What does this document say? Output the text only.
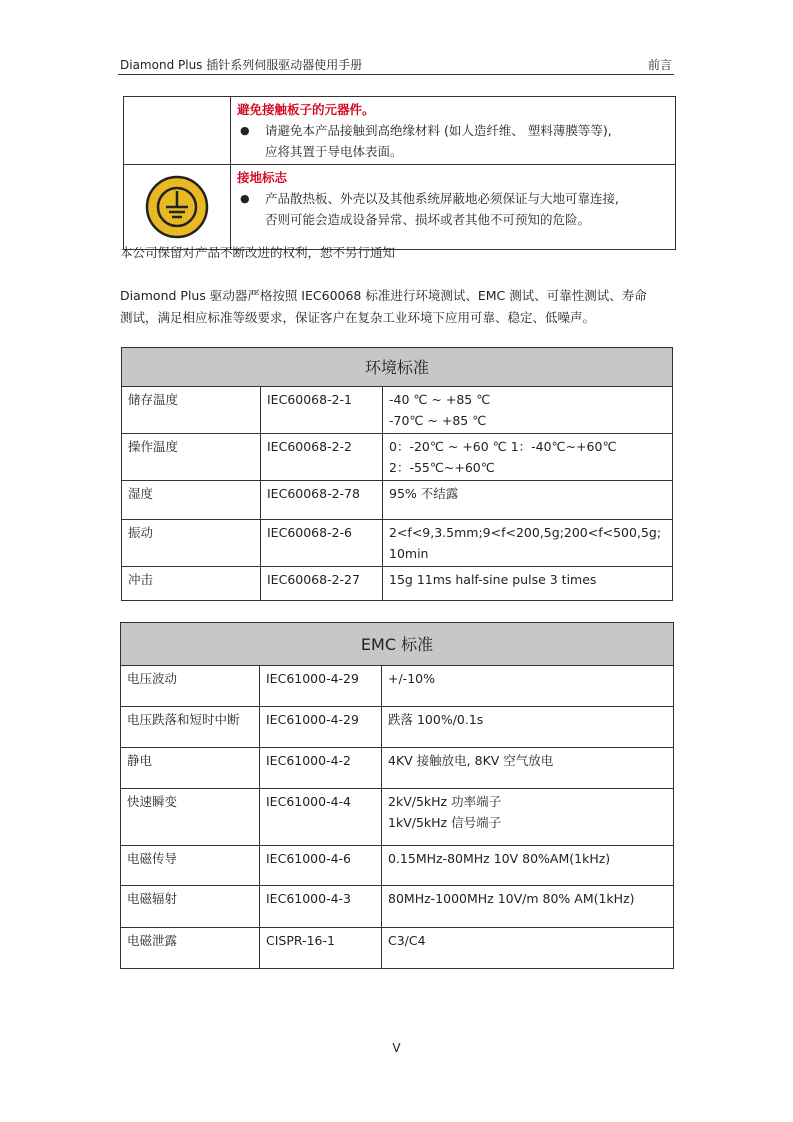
Diamond Plus 插针系列伺服驱动器使用手册	前言

	避免接触板子的元器件。
● 请避免本产品接触到高绝缘材料 (如人造纤维、 塑料薄膜等等),
应将其置于导电体表面。

接地标志
● 产品散热板、外壳以及其他系统屏蔽地必须保证与大地可靠连接,
否则可能会造成设备异常、损坏或者其他不可预知的危险。
本公司保留对产品不断改进的权利，恕不另行通知
Diamond Plus 驱动器严格按照 IEC60068 标准进行环境测试、EMC 测试、可靠性测试、寿命
测试，满足相应标准等级要求，保证客户在复杂工业环境下应用可靠、稳定、低噪声。
环境标准		
储存温度	IEC60068-2-1	-40 ℃ ~ +85 ℃
-70℃ ~ +85 ℃

操作温度	IEC60068-2-2	0：-20℃ ~ +60 ℃ 1：-40℃~+60℃
2：-55℃~+60℃

湿度	IEC60068-2-78	95% 不结露

振动	IEC60068-2-6	2<f<9,3.5mm;9<f<200,5g;200<f<500,5g;
10min

冲击	IEC60068-2-27	15g 11ms half-sine pulse 3 times
EMC 标准		
电压波动	IEC61000-4-29	+/-10%

电压跌落和短时中断	IEC61000-4-29	跌落 100%/0.1s

静电	IEC61000-4-2	4KV 接触放电, 8KV 空气放电

快速瞬变	IEC61000-4-4	2kV/5kHz 功率端子
1kV/5kHz 信号端子

电磁传导	IEC61000-4-6	0.15MHz-80MHz 10V 80%AM(1kHz)

电磁辐射	IEC61000-4-3	80MHz-1000MHz 10V/m 80% AM(1kHz)

电磁泄露	CISPR-16-1	C3/C4
V
